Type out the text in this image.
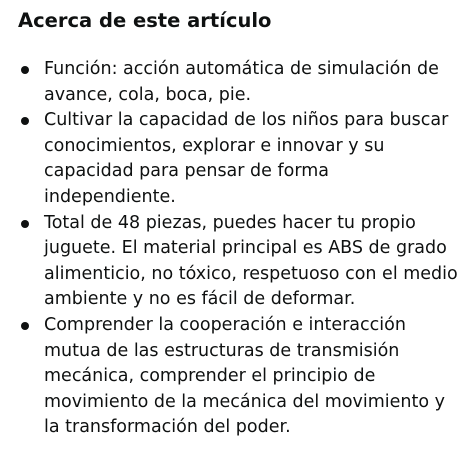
Acerca de este artículo
Función: acción automática de simulación de avance, cola, boca, pie.
Cultivar la capacidad de los niños para buscar conocimientos, explorar e innovar y su capacidad para pensar de forma independiente.
Total de 48 piezas, puedes hacer tu propio juguete. El material principal es ABS de grado alimenticio, no tóxico, respetuoso con el medio ambiente y no es fácil de deformar.
Comprender la cooperación e interacción mutua de las estructuras de transmisión mecánica, comprender el principio de movimiento de la mecánica del movimiento y la transformación del poder.
